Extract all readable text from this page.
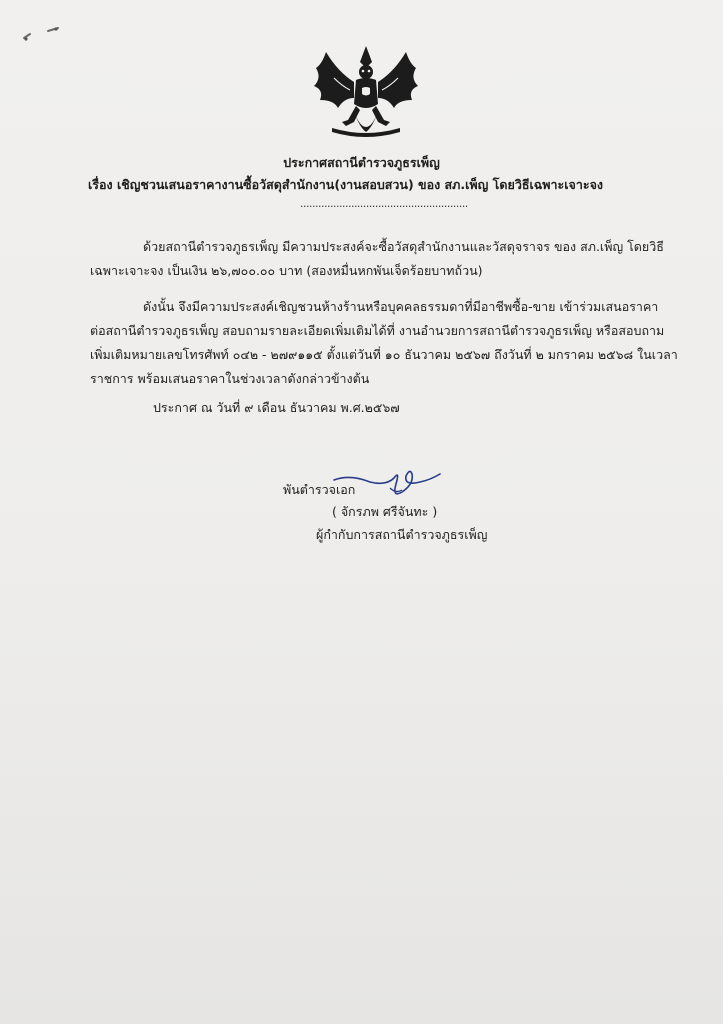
ประกาศสถานีตำรวจภูธรเพ็ญ
เรื่อง เชิญชวนเสนอราคางานซื้อวัสดุสำนักงาน(งานสอบสวน) ของ สภ.เพ็ญ โดยวิธีเฉพาะเจาะจง
........................................................
ด้วยสถานีตำรวจภูธรเพ็ญ มีความประสงค์จะซื้อวัสดุสำนักงานและวัสดุจราจร ของ สภ.เพ็ญ โดยวิธี
เฉพาะเจาะจง เป็นเงิน ๒๖,๗๐๐.๐๐ บาท (สองหมื่นหกพันเจ็ดร้อยบาทถ้วน)
ดังนั้น จึงมีความประสงค์เชิญชวนห้างร้านหรือบุคคลธรรมดาที่มีอาชีพซื้อ-ขาย เข้าร่วมเสนอราคา
ต่อสถานีตำรวจภูธรเพ็ญ สอบถามรายละเอียดเพิ่มเติมได้ที่ งานอำนวยการสถานีตำรวจภูธรเพ็ญ หรือสอบถาม
เพิ่มเติมหมายเลขโทรศัพท์ ๐๔๒ - ๒๗๙๑๑๕ ตั้งแต่วันที่ ๑๐ ธันวาคม ๒๕๖๗ ถึงวันที่ ๒ มกราคม ๒๕๖๘ ในเวลา
ราชการ พร้อมเสนอราคาในช่วงเวลาดังกล่าวข้างต้น
ประกาศ ณ วันที่ ๙ เดือน ธันวาคม พ.ศ.๒๕๖๗
พันตำรวจเอก
( จักรภพ ศรีจันทะ )
ผู้กำกับการสถานีตำรวจภูธรเพ็ญ
